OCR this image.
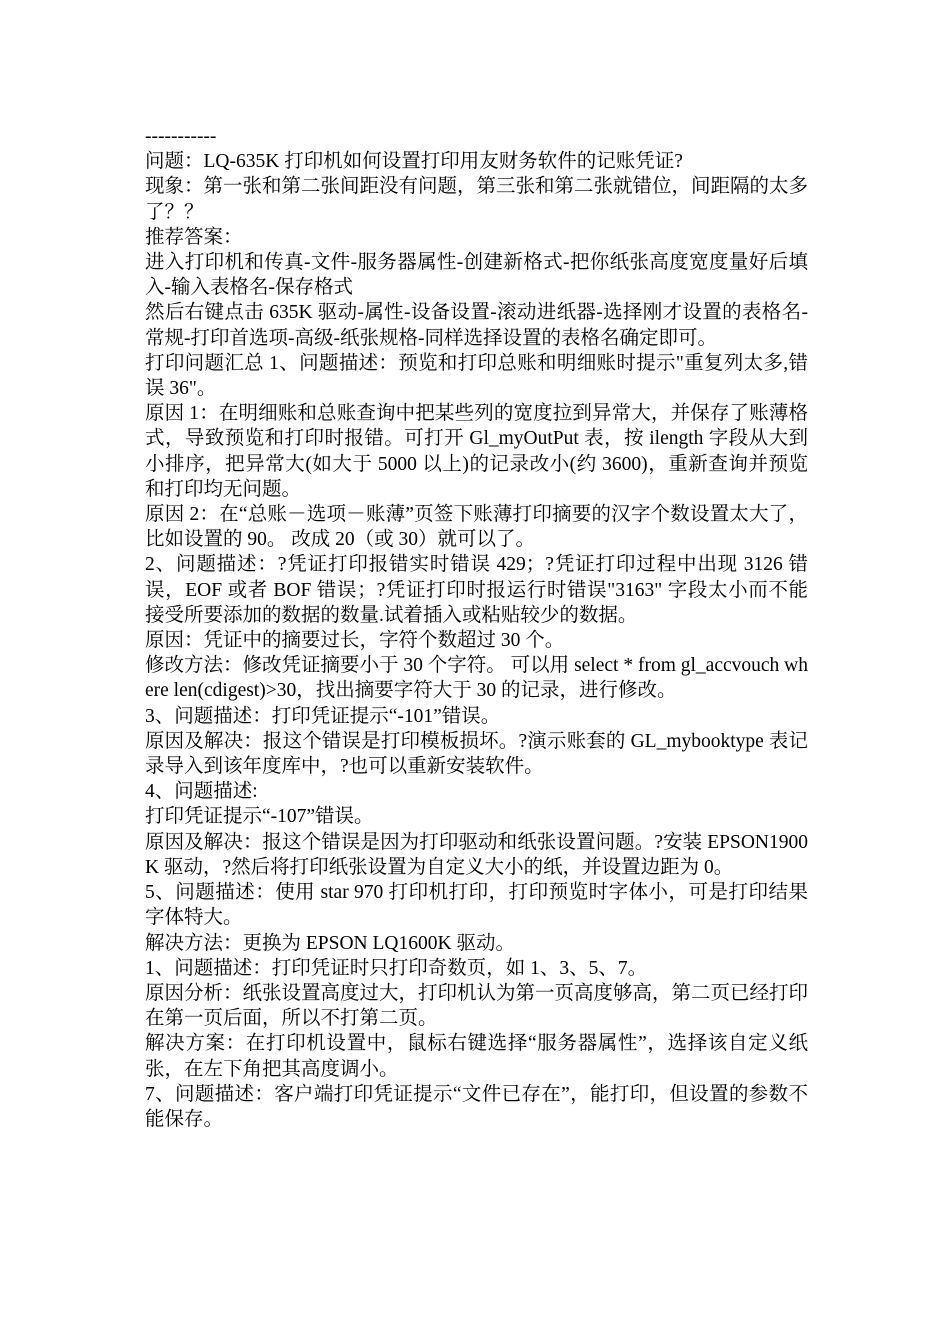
-----------

问题：LQ-635K 打印机如何设置打印用友财务软件的记账凭证?

现象：第一张和第二张间距没有问题，第三张和第二张就错位，间距隔的太多了？？

推荐答案：

进入打印机和传真-文件-服务器属性-创建新格式-把你纸张高度宽度量好后填入-输入表格名-保存格式

然后右键点击 635K 驱动-属性-设备设置-滚动进纸器-选择刚才设置的表格名-常规-打印首选项-高级-纸张规格-同样选择设置的表格名确定即可。

打印问题汇总 1、问题描述：预览和打印总账和明细账时提示"重复列太多,错误 36"。

原因 1：在明细账和总账查询中把某些列的宽度拉到异常大，并保存了账薄格式，导致预览和打印时报错。可打开 Gl_myOutPut 表，按 ilength 字段从大到小排序，把异常大(如大于 5000 以上)的记录改小(约 3600)，重新查询并预览和打印均无问题。

原因 2：在“总账－选项－账薄”页签下账薄打印摘要的汉字个数设置太大了，比如设置的 90。 改成 20（或 30）就可以了。

2、问题描述：?凭证打印报错实时错误 429；?凭证打印过程中出现 3126 错误，EOF 或者 BOF 错误；?凭证打印时报运行时错误"3163" 字段太小而不能接受所要添加的数据的数量.试着插入或粘贴较少的数据。

原因：凭证中的摘要过长，字符个数超过 30 个。

修改方法：修改凭证摘要小于 30 个字符。 可以用 select * from gl_accvouch where len(cdigest)>30，找出摘要字符大于 30 的记录，进行修改。

3、问题描述：打印凭证提示“-101”错误。

原因及解决：报这个错误是打印模板损坏。?演示账套的 GL_mybooktype 表记录导入到该年度库中，?也可以重新安装软件。

4、问题描述:

打印凭证提示“-107”错误。

原因及解决：报这个错误是因为打印驱动和纸张设置问题。?安装 EPSON1900K 驱动，?然后将打印纸张设置为自定义大小的纸，并设置边距为 0。

5、问题描述：使用 star 970 打印机打印，打印预览时字体小，可是打印结果字体特大。

解决方法：更换为 EPSON LQ1600K 驱动。

1、问题描述：打印凭证时只打印奇数页，如 1、3、5、7。

原因分析：纸张设置高度过大，打印机认为第一页高度够高，第二页已经打印在第一页后面，所以不打第二页。

解决方案：在打印机设置中，鼠标右键选择“服务器属性”，选择该自定义纸张，在左下角把其高度调小。

7、问题描述：客户端打印凭证提示“文件已存在”，能打印，但设置的参数不能保存。
